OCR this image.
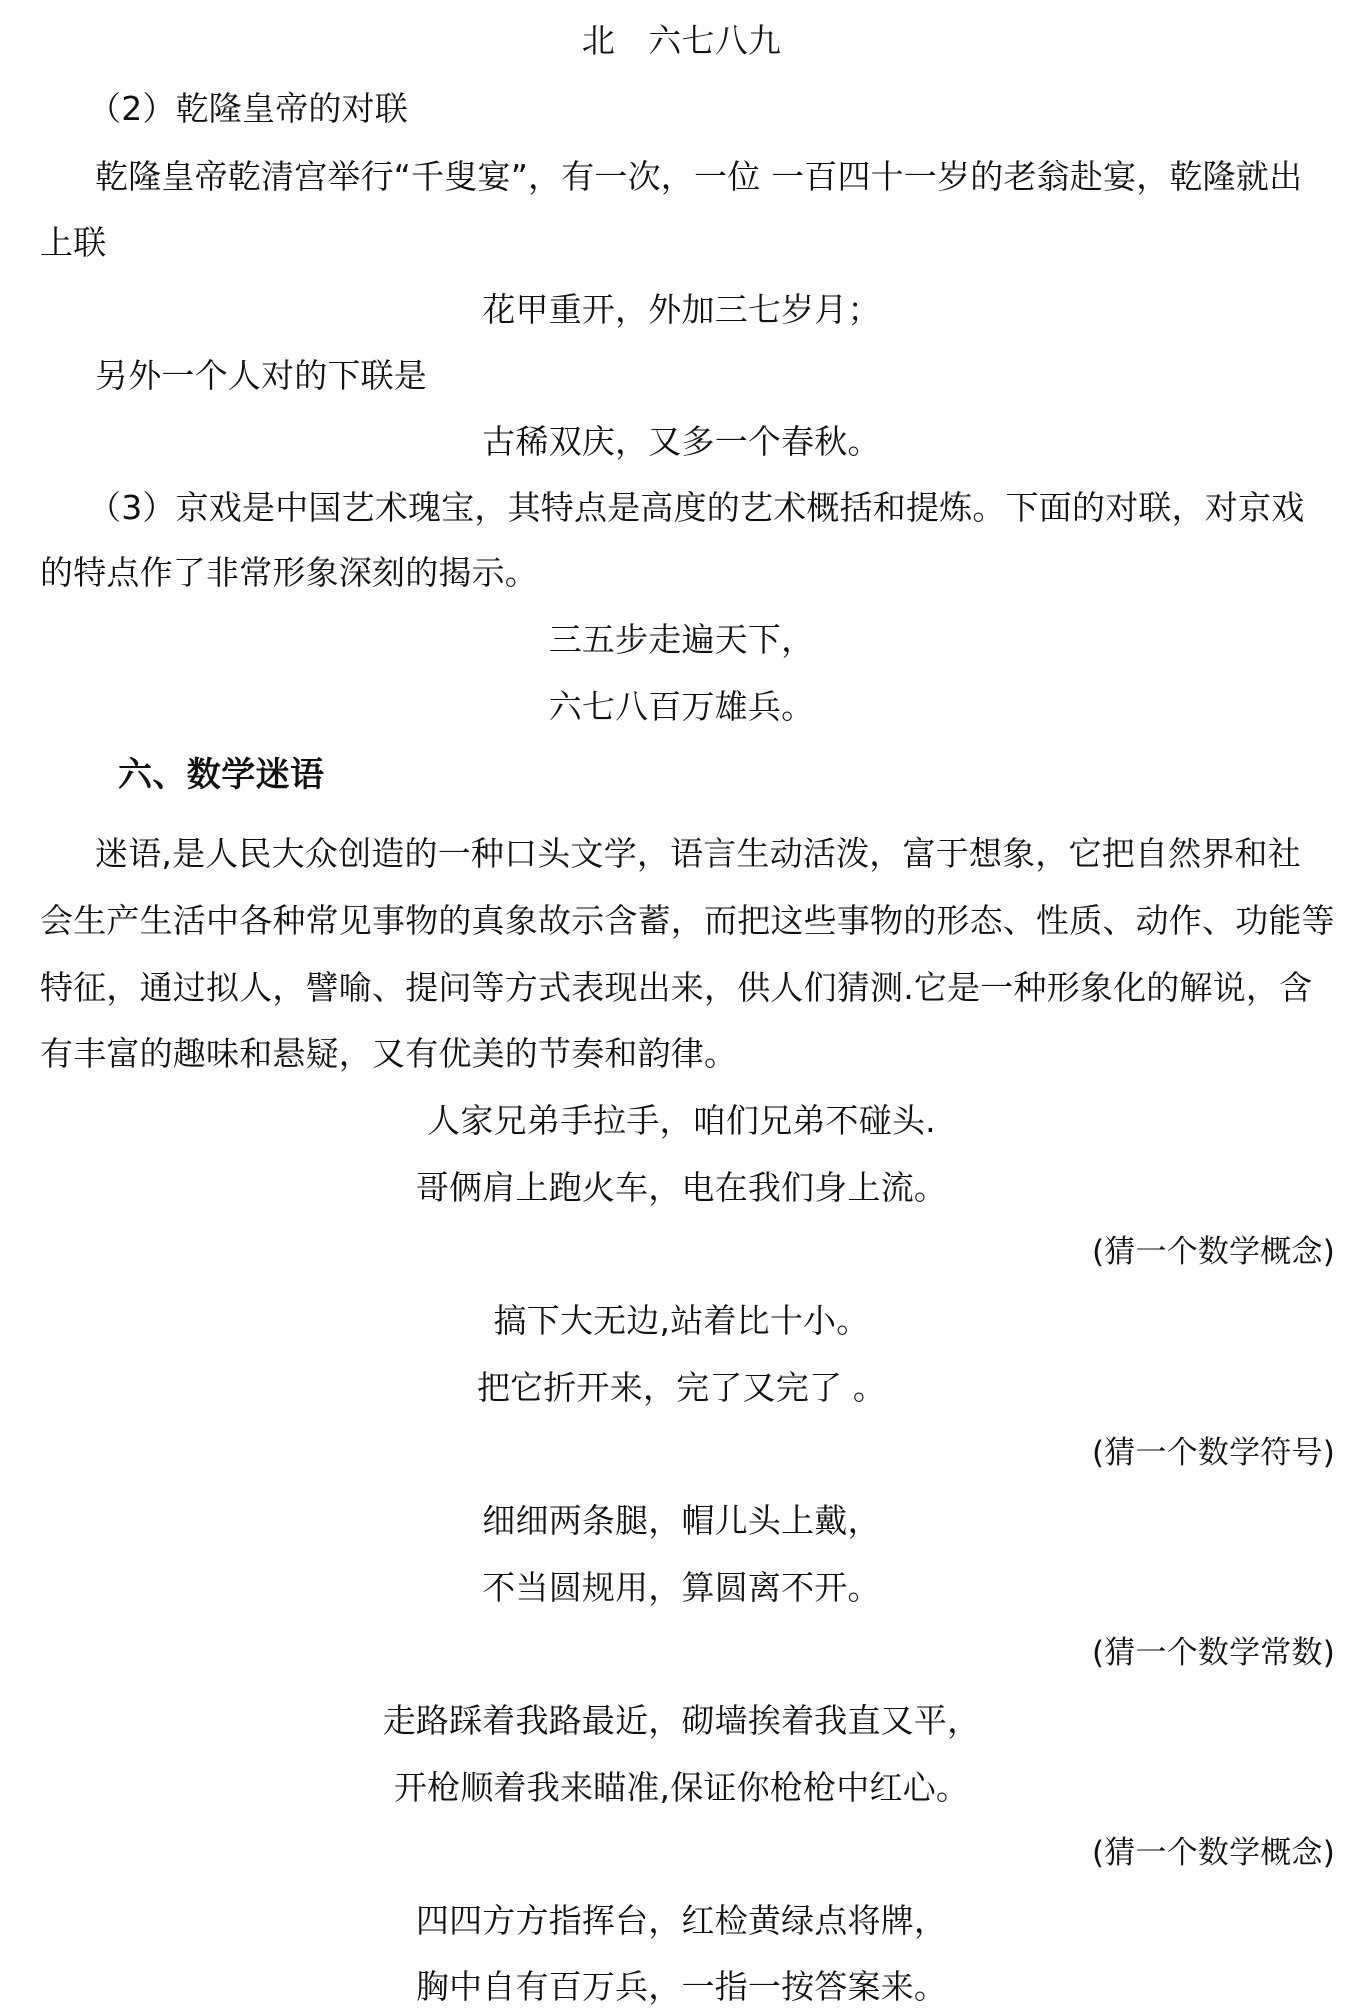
北　六七八九
（2）乾隆皇帝的对联
乾隆皇帝乾清宫举行“千叟宴”，有一次，一位 一百四十一岁的老翁赴宴，乾隆就出
上联
花甲重开，外加三七岁月；
另外一个人对的下联是
古稀双庆，又多一个春秋。
（3）京戏是中国艺术瑰宝，其特点是高度的艺术概括和提炼。下面的对联，对京戏
的特点作了非常形象深刻的揭示。
三五步走遍天下，
六七八百万雄兵。
六、数学迷语
迷语,是人民大众创造的一种口头文学，语言生动活泼，富于想象，它把自然界和社
会生产生活中各种常见事物的真象故示含蓄，而把这些事物的形态、性质、动作、功能等
特征，通过拟人，譬喻、提问等方式表现出来，供人们猜测.它是一种形象化的解说，含
有丰富的趣味和悬疑，又有优美的节奏和韵律。
人家兄弟手拉手，咱们兄弟不碰头.
哥俩肩上跑火车，电在我们身上流。
(猜一个数学概念)
搞下大无边,站着比十小。
把它折开来，完了又完了 。
(猜一个数学符号)
细细两条腿，帽儿头上戴，
不当圆规用，算圆离不开。
(猜一个数学常数)
走路踩着我路最近，砌墙挨着我直又平，
开枪顺着我来瞄准,保证你枪枪中红心。
(猜一个数学概念)
四四方方指挥台，红检黄绿点将牌，
胸中自有百万兵，一指一按答案来。
